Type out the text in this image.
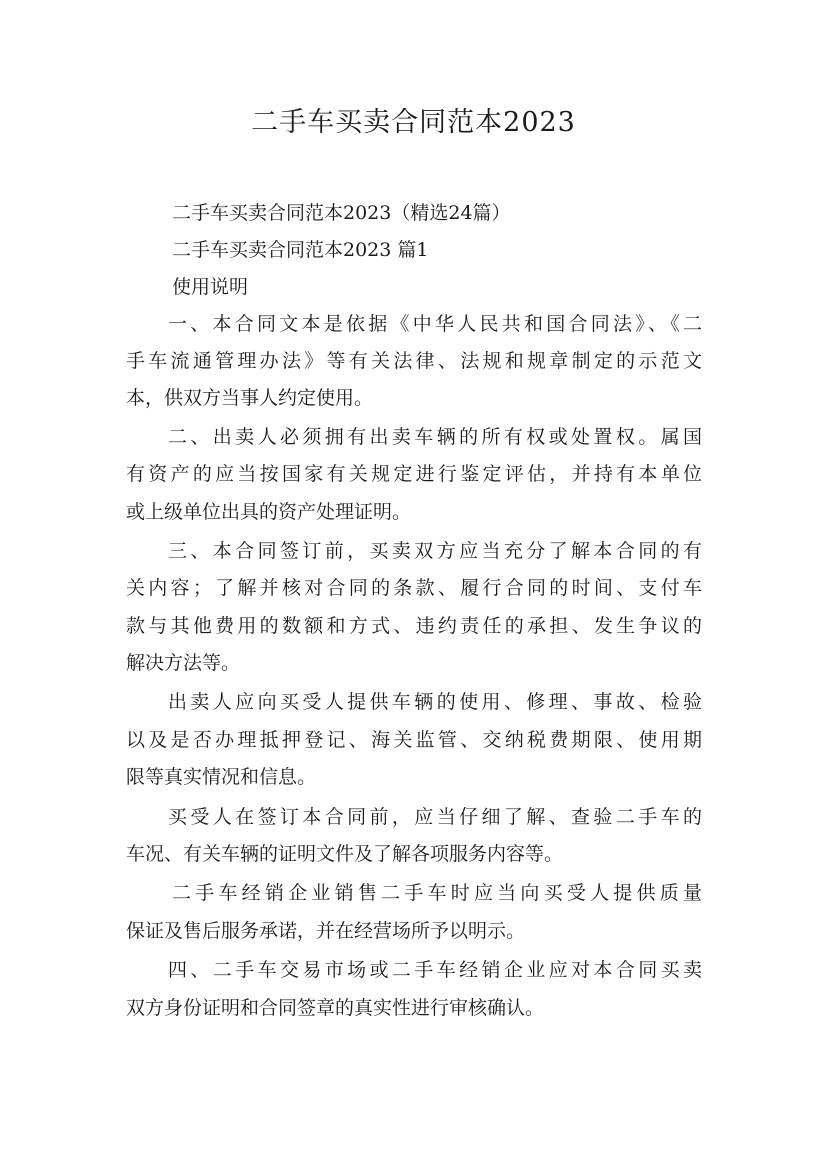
二手车买卖合同范本2023
二手车买卖合同范本2023（精选24篇）
二手车买卖合同范本2023 篇1
使用说明
一、本合同文本是依据《中华人民共和国合同法》、《二
手车流通管理办法》等有关法律、法规和规章制定的示范文
本，供双方当事人约定使用。
二、出卖人必须拥有出卖车辆的所有权或处置权。属国
有资产的应当按国家有关规定进行鉴定评估，并持有本单位
或上级单位出具的资产处理证明。
三、本合同签订前，买卖双方应当充分了解本合同的有
关内容；了解并核对合同的条款、履行合同的时间、支付车
款与其他费用的数额和方式、违约责任的承担、发生争议的
解决方法等。
出卖人应向买受人提供车辆的使用、修理、事故、检验
以及是否办理抵押登记、海关监管、交纳税费期限、使用期
限等真实情况和信息。
买受人在签订本合同前，应当仔细了解、查验二手车的
车况、有关车辆的证明文件及了解各项服务内容等。
二手车经销企业销售二手车时应当向买受人提供质量
保证及售后服务承诺，并在经营场所予以明示。
四、二手车交易市场或二手车经销企业应对本合同买卖
双方身份证明和合同签章的真实性进行审核确认。
